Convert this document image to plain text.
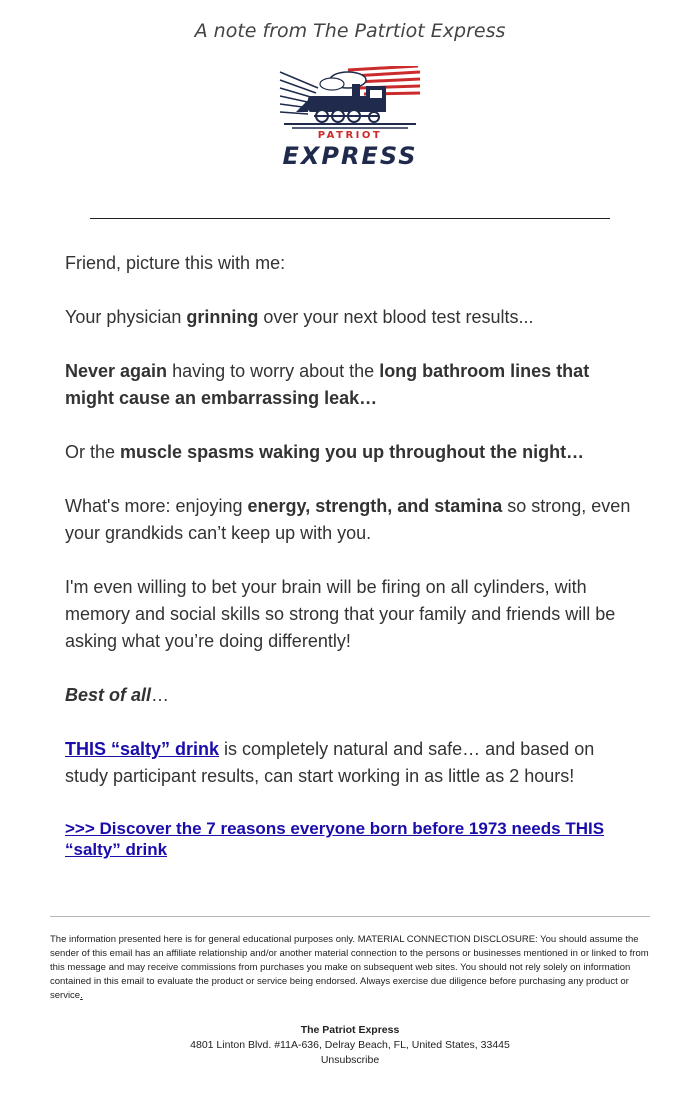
A note from The Patrtiot Express
PATRIOT
EXPRESS

Friend, picture this with me:

Your physician grinning over your next blood test results...

Never again having to worry about the long bathroom lines that might cause an embarrassing leak…

Or the muscle spasms waking you up throughout the night…

What's more: enjoying energy, strength, and stamina so strong, even your grandkids can’t keep up with you.

I'm even willing to bet your brain will be firing on all cylinders, with memory and social skills so strong that your family and friends will be asking what you’re doing differently!

Best of all…

THIS “salty” drink is completely natural and safe… and based on study participant results, can start working in as little as 2 hours!

>>> Discover the 7 reasons everyone born before 1973 needs THIS “salty” drink
The information presented here is for general educational purposes only. MATERIAL CONNECTION DISCLOSURE: You should assume the sender of this email has an affiliate relationship and/or another material connection to the persons or businesses mentioned in or linked to from this message and may receive commissions from purchases you make on subsequent web sites. You should not rely solely on information contained in this email to evaluate the product or service being endorsed. Always exercise due diligence before purchasing any product or service.
The Patriot Express
4801 Linton Blvd. #11A-636, Delray Beach, FL, United States, 33445
Unsubscribe
